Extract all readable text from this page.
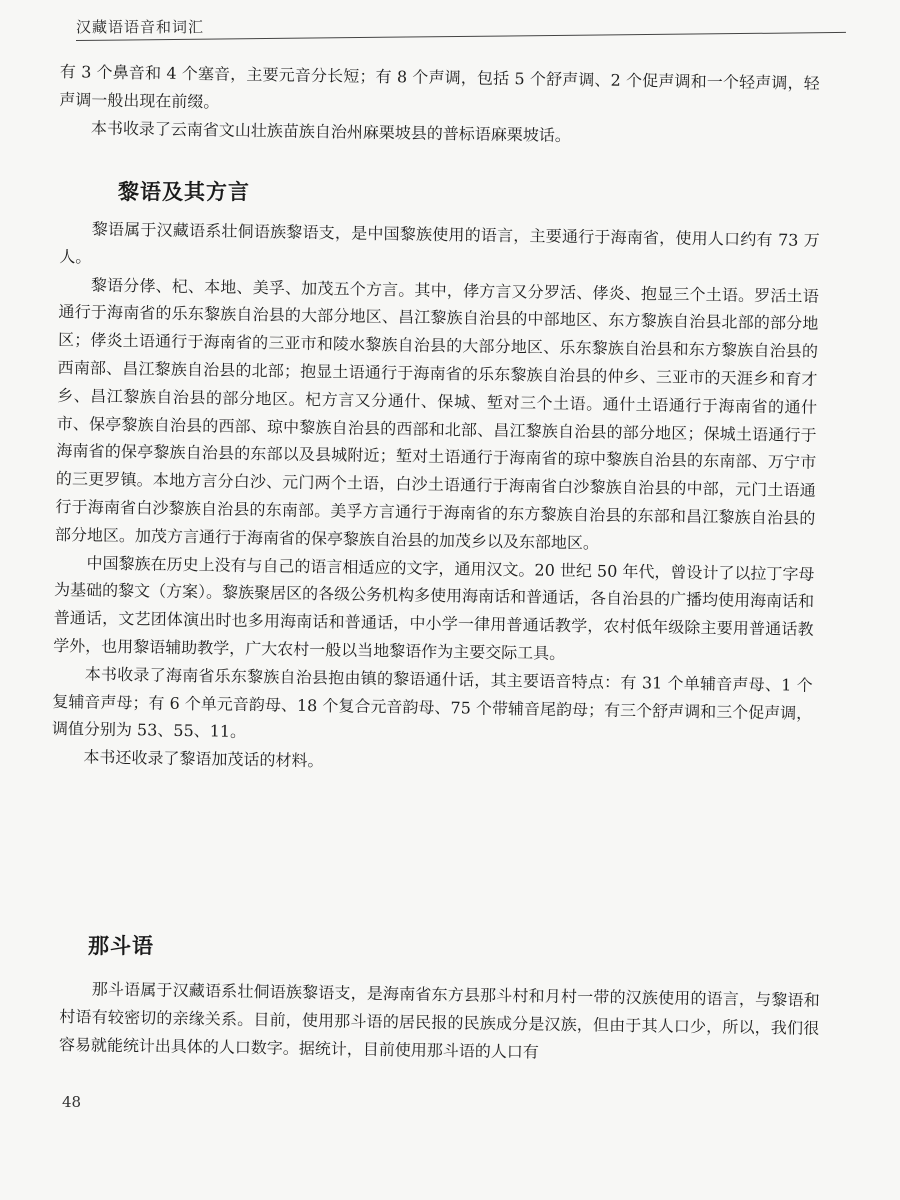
汉藏语语音和词汇

有 3 个鼻音和 4 个塞音，主要元音分长短；有 8 个声调，包括 5 个舒声调、2 个促声调和一个轻声调，轻声调一般出现在前缀。

本书收录了云南省文山壮族苗族自治州麻栗坡县的普标语麻栗坡话。

黎语及其方言

黎语属于汉藏语系壮侗语族黎语支，是中国黎族使用的语言，主要通行于海南省，使用人口约有 73 万人。

黎语分侾、杞、本地、美孚、加茂五个方言。其中，侾方言又分罗活、侾炎、抱显三个土语。罗活土语通行于海南省的乐东黎族自治县的大部分地区、昌江黎族自治县的中部地区、东方黎族自治县北部的部分地区；侾炎土语通行于海南省的三亚市和陵水黎族自治县的大部分地区、乐东黎族自治县和东方黎族自治县的西南部、昌江黎族自治县的北部；抱显土语通行于海南省的乐东黎族自治县的仲乡、三亚市的天涯乡和育才乡、昌江黎族自治县的部分地区。杞方言又分通什、保城、堑对三个土语。通什土语通行于海南省的通什市、保亭黎族自治县的西部、琼中黎族自治县的西部和北部、昌江黎族自治县的部分地区；保城土语通行于海南省的保亭黎族自治县的东部以及县城附近；堑对土语通行于海南省的琼中黎族自治县的东南部、万宁市的三更罗镇。本地方言分白沙、元门两个土语，白沙土语通行于海南省白沙黎族自治县的中部，元门土语通行于海南省白沙黎族自治县的东南部。美孚方言通行于海南省的东方黎族自治县的东部和昌江黎族自治县的部分地区。加茂方言通行于海南省的保亭黎族自治县的加茂乡以及东部地区。

中国黎族在历史上没有与自己的语言相适应的文字，通用汉文。20 世纪 50 年代，曾设计了以拉丁字母为基础的黎文（方案）。黎族聚居区的各级公务机构多使用海南话和普通话，各自治县的广播均使用海南话和普通话，文艺团体演出时也多用海南话和普通话，中小学一律用普通话教学，农村低年级除主要用普通话教学外，也用黎语辅助教学，广大农村一般以当地黎语作为主要交际工具。

本书收录了海南省乐东黎族自治县抱由镇的黎语通什话，其主要语音特点：有 31 个单辅音声母、1 个复辅音声母；有 6 个单元音韵母、18 个复合元音韵母、75 个带辅音尾韵母；有三个舒声调和三个促声调，调值分别为 53、55、11。

本书还收录了黎语加茂话的材料。

那斗语

那斗语属于汉藏语系壮侗语族黎语支，是海南省东方县那斗村和月村一带的汉族使用的语言，与黎语和村语有较密切的亲缘关系。目前，使用那斗语的居民报的民族成分是汉族，但由于其人口少，所以，我们很容易就能统计出具体的人口数字。据统计，目前使用那斗语的人口有

48
